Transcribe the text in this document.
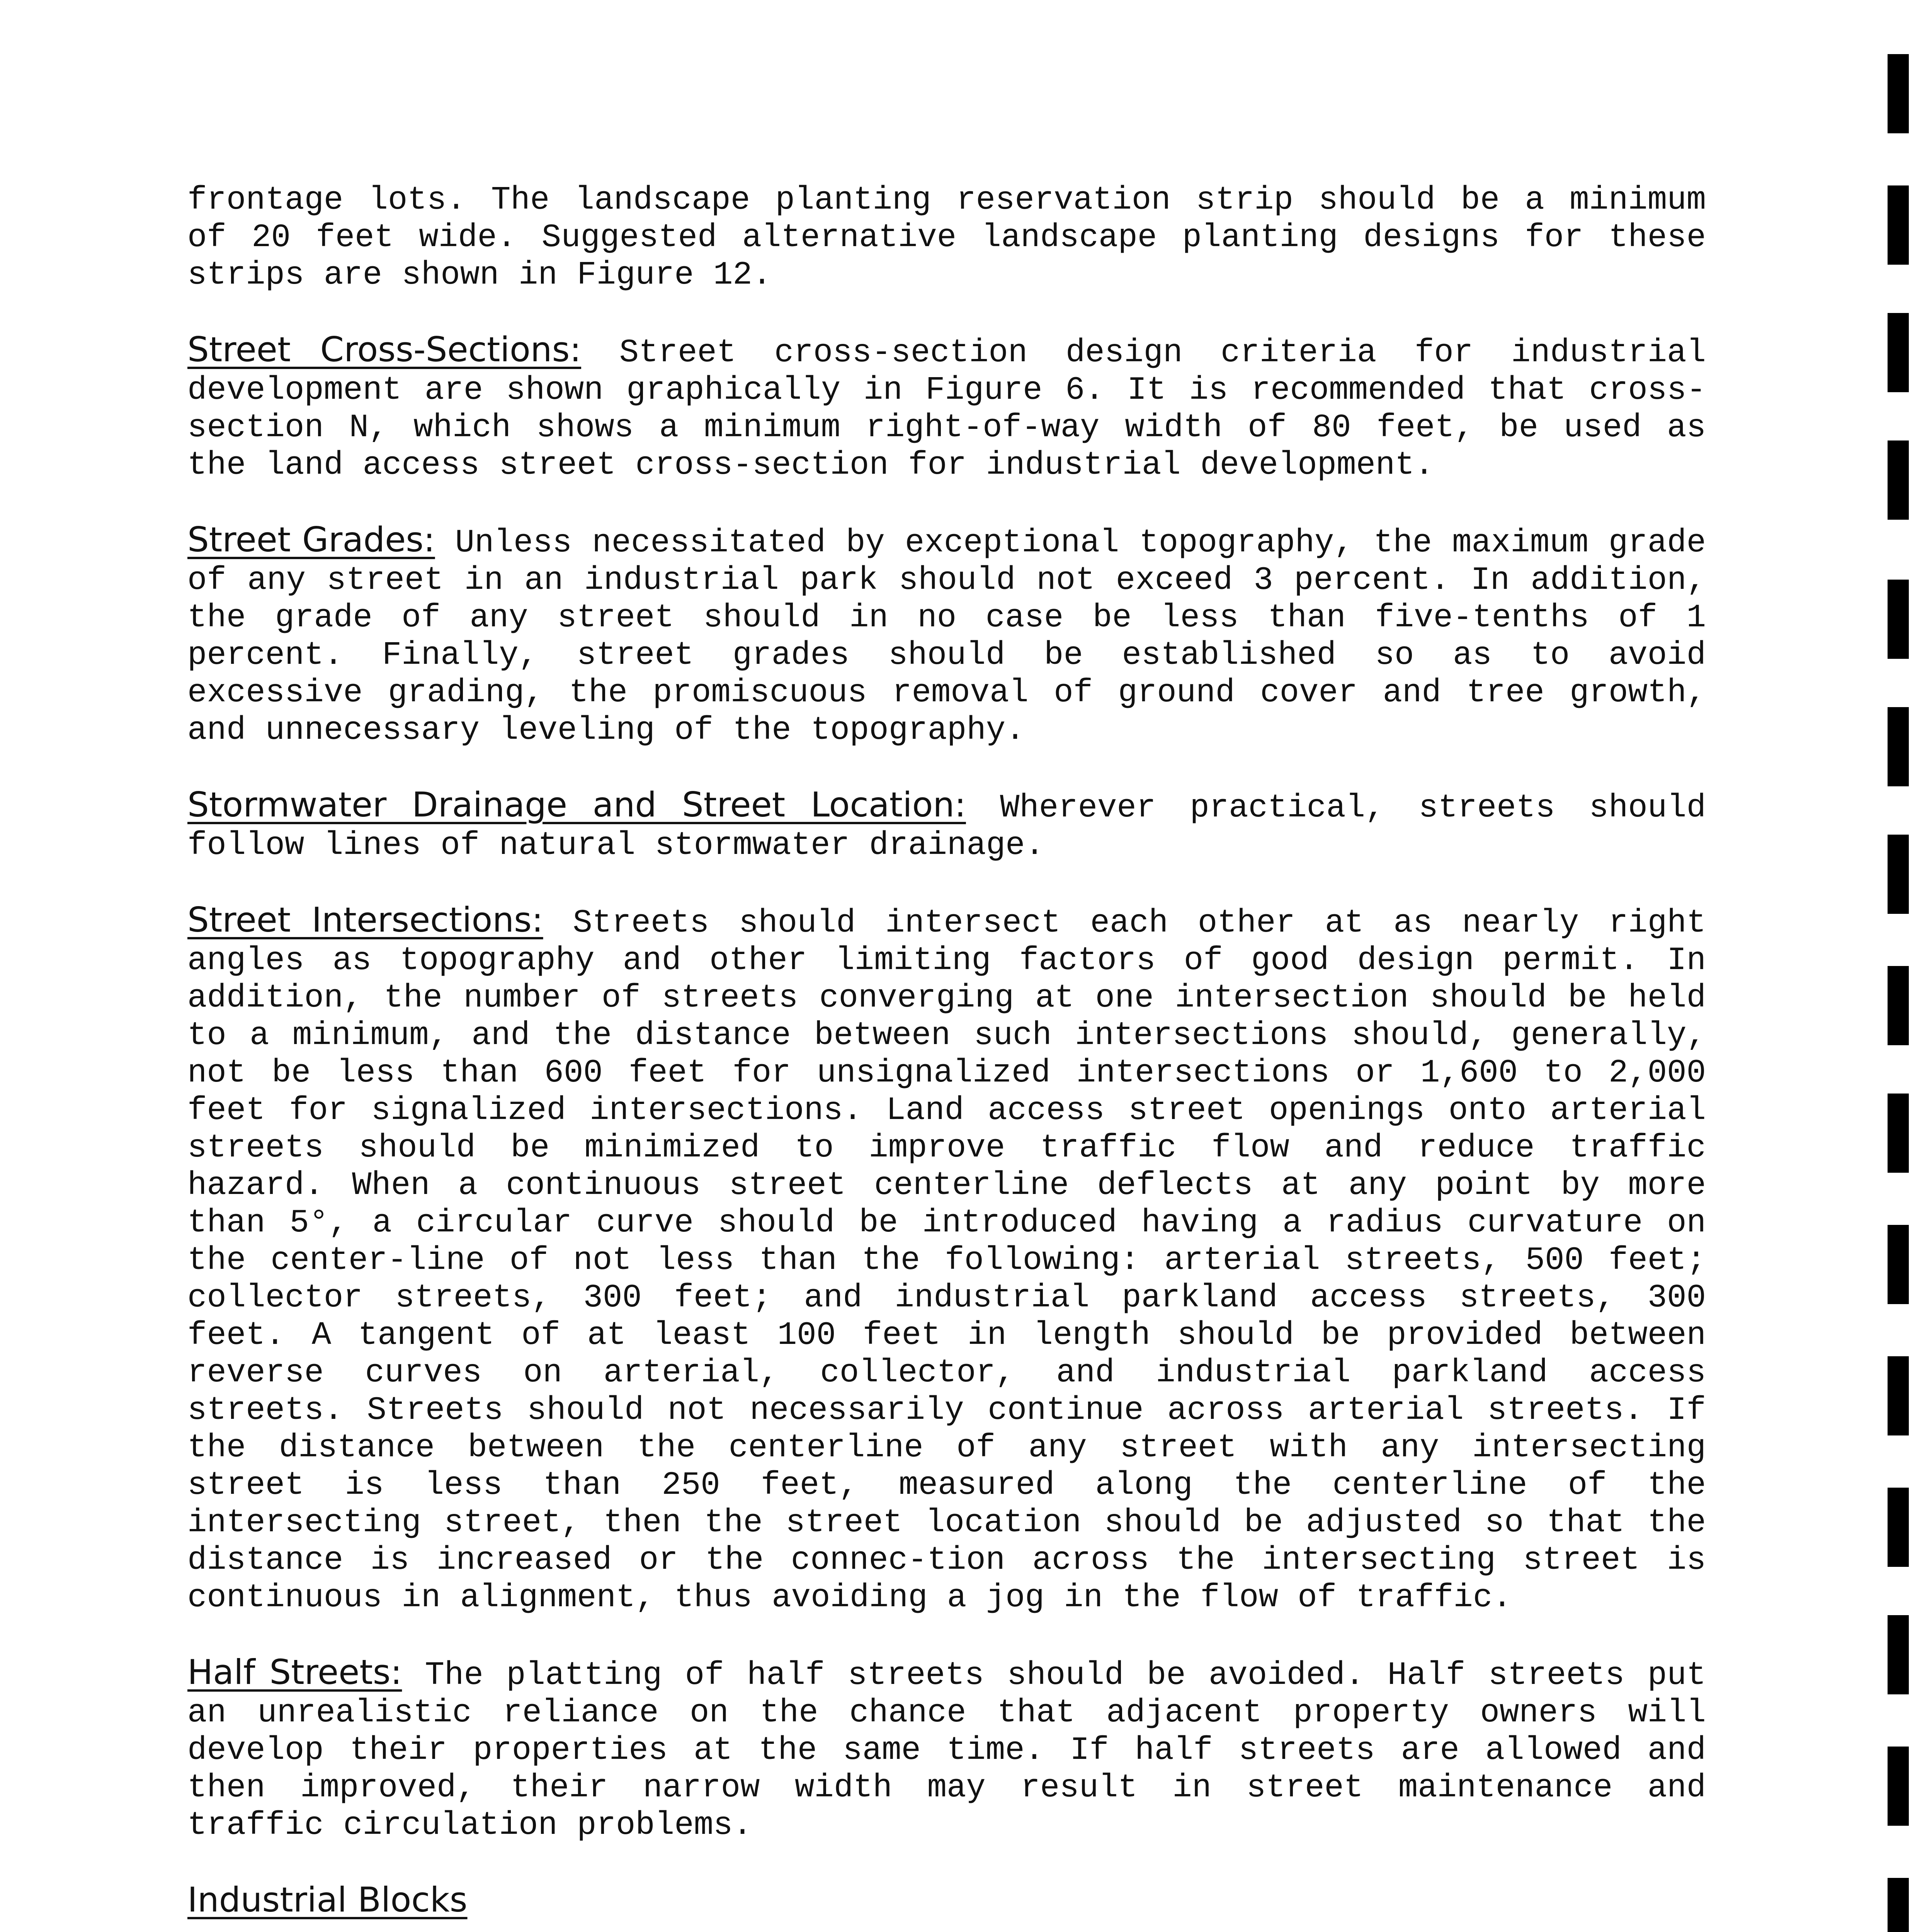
frontage lots. The landscape planting reservation strip should be a minimum of 20 feet wide. Suggested alternative landscape planting designs for these strips are shown in Figure 12.

Street Cross-Sections: Street cross-section design criteria for industrial development are shown graphically in Figure 6. It is recommended that cross-section N, which shows a minimum right-of-way width of 80 feet, be used as the land access street cross-section for industrial development.

Street Grades: Unless necessitated by exceptional topography, the maximum grade of any street in an industrial park should not exceed 3 percent. In addition, the grade of any street should in no case be less than five-tenths of 1 percent. Finally, street grades should be established so as to avoid excessive grading, the promiscuous removal of ground cover and tree growth, and unnecessary leveling of the topography.

Stormwater Drainage and Street Location: Wherever practical, streets should follow lines of natural stormwater drainage.

Street Intersections: Streets should intersect each other at as nearly right angles as topography and other limiting factors of good design permit. In addition, the number of streets converging at one intersection should be held to a minimum, and the distance between such intersections should, generally, not be less than 600 feet for unsignalized intersections or 1,600 to 2,000 feet for signalized intersections. Land access street openings onto arterial streets should be minimized to improve traffic flow and reduce traffic hazard. When a continuous street centerline deflects at any point by more than 5°, a circular curve should be introduced having a radius curvature on the center-line of not less than the following: arterial streets, 500 feet; collector streets, 300 feet; and industrial parkland access streets, 300 feet. A tangent of at least 100 feet in length should be provided between reverse curves on arterial, collector, and industrial parkland access streets. Streets should not necessarily continue across arterial streets. If the distance between the centerline of any street with any intersecting street is less than 250 feet, measured along the centerline of the intersecting street, then the street location should be adjusted so that the distance is increased or the connec-tion across the intersecting street is continuous in alignment, thus avoiding a jog in the flow of traffic.

Half Streets: The platting of half streets should be avoided. Half streets put an unrealistic reliance on the chance that adjacent property owners will develop their properties at the same time. If half streets are allowed and then improved, their narrow width may result in street maintenance and traffic circulation problems.

Industrial Blocks
